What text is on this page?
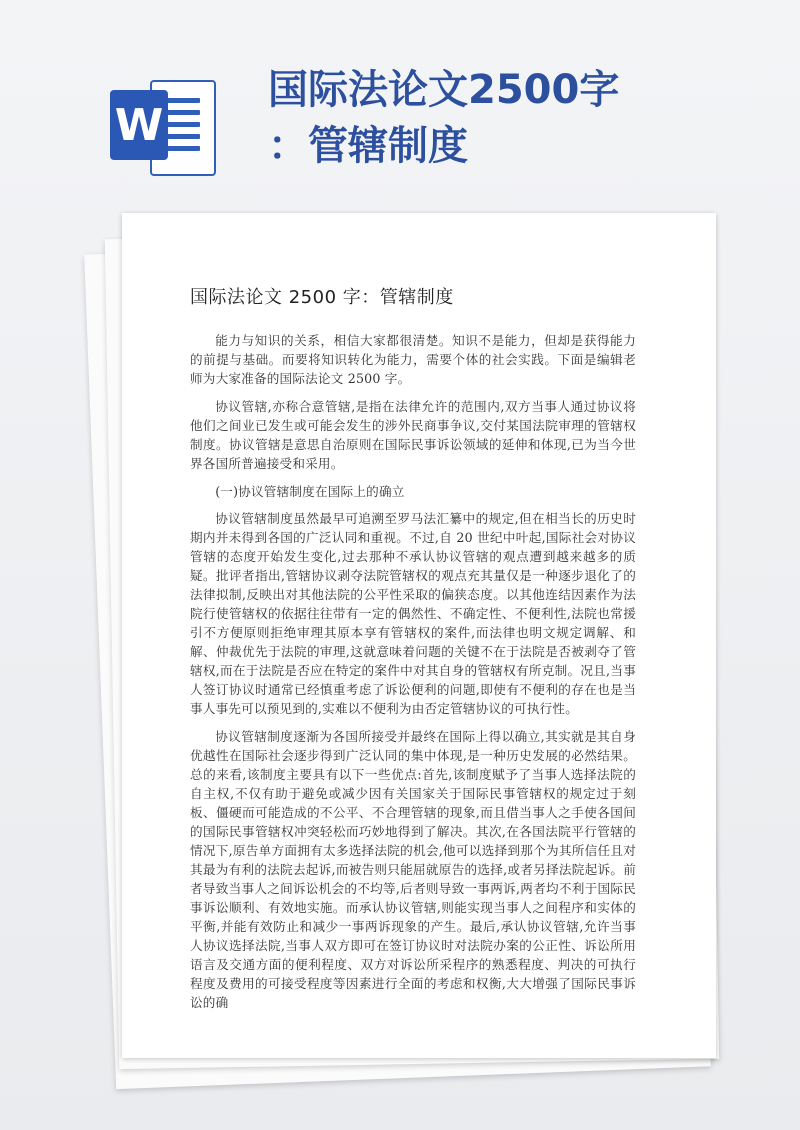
W
国际法论文2500字
：管辖制度
国际法论文 2500 字：管辖制度

能力与知识的关系，相信大家都很清楚。知识不是能力，但却是获得能力的前提与基础。而要将知识转化为能力，需要个体的社会实践。下面是编辑老师为大家准备的国际法论文 2500 字。

协议管辖,亦称合意管辖,是指在法律允许的范围内,双方当事人通过协议将他们之间业已发生或可能会发生的涉外民商事争议,交付某国法院审理的管辖权制度。协议管辖是意思自治原则在国际民事诉讼领域的延伸和体现,已为当今世界各国所普遍接受和采用。

(一)协议管辖制度在国际上的确立

协议管辖制度虽然最早可追溯至罗马法汇纂中的规定,但在相当长的历史时期内并未得到各国的广泛认同和重视。不过,自 20 世纪中叶起,国际社会对协议管辖的态度开始发生变化,过去那种不承认协议管辖的观点遭到越来越多的质疑。批评者指出,管辖协议剥夺法院管辖权的观点充其量仅是一种逐步退化了的法律拟制,反映出对其他法院的公平性采取的偏狭态度。以其他连结因素作为法院行使管辖权的依据往往带有一定的偶然性、不确定性、不便利性,法院也常援引不方便原则拒绝审理其原本享有管辖权的案件,而法律也明文规定调解、和解、仲裁优先于法院的审理,这就意味着问题的关键不在于法院是否被剥夺了管辖权,而在于法院是否应在特定的案件中对其自身的管辖权有所克制。况且,当事人签订协议时通常已经慎重考虑了诉讼便利的问题,即使有不便利的存在也是当事人事先可以预见到的,实难以不便利为由否定管辖协议的可执行性。

协议管辖制度逐渐为各国所接受并最终在国际上得以确立,其实就是其自身优越性在国际社会逐步得到广泛认同的集中体现,是一种历史发展的必然结果。总的来看,该制度主要具有以下一些优点:首先,该制度赋予了当事人选择法院的自主权,不仅有助于避免或减少因有关国家关于国际民事管辖权的规定过于刻板、僵硬而可能造成的不公平、不合理管辖的现象,而且借当事人之手使各国间的国际民事管辖权冲突轻松而巧妙地得到了解决。其次,在各国法院平行管辖的情况下,原告单方面拥有太多选择法院的机会,他可以选择到那个为其所信任且对其最为有利的法院去起诉,而被告则只能屈就原告的选择,或者另择法院起诉。前者导致当事人之间诉讼机会的不均等,后者则导致一事两诉,两者均不利于国际民事诉讼顺利、有效地实施。而承认协议管辖,则能实现当事人之间程序和实体的平衡,并能有效防止和减少一事两诉现象的产生。最后,承认协议管辖,允许当事人协议选择法院,当事人双方即可在签订协议时对法院办案的公正性、诉讼所用语言及交通方面的便利程度、双方对诉讼所采程序的熟悉程度、判决的可执行程度及费用的可接受程度等因素进行全面的考虑和权衡,大大增强了国际民事诉讼的确
